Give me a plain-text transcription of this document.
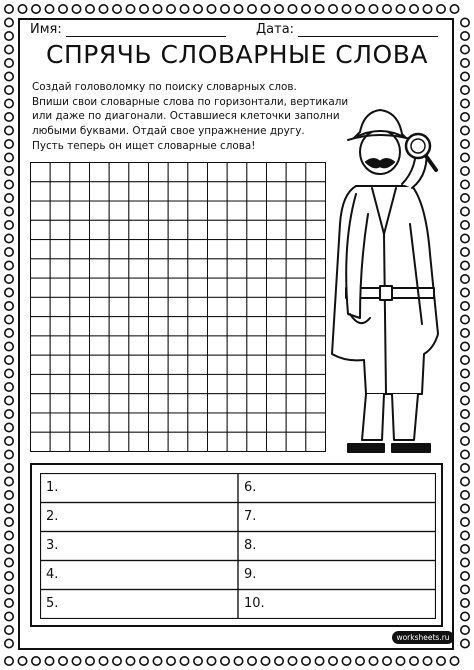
Имя:	Дата:
СПРЯЧЬ СЛОВАРНЫЕ СЛОВА
Создай головоломку по поиску словарных слов.
Впиши свои словарные слова по горизонтали, вертикали
или даже по диагонали. Оставшиеся клеточки заполни
любыми буквами. Отдай свое упражнение другу.
Пусть теперь он ищет словарные слова!
1.
2.
3.
4.
5.
6.
7.
8.
9.
10.
worksheets.ru
